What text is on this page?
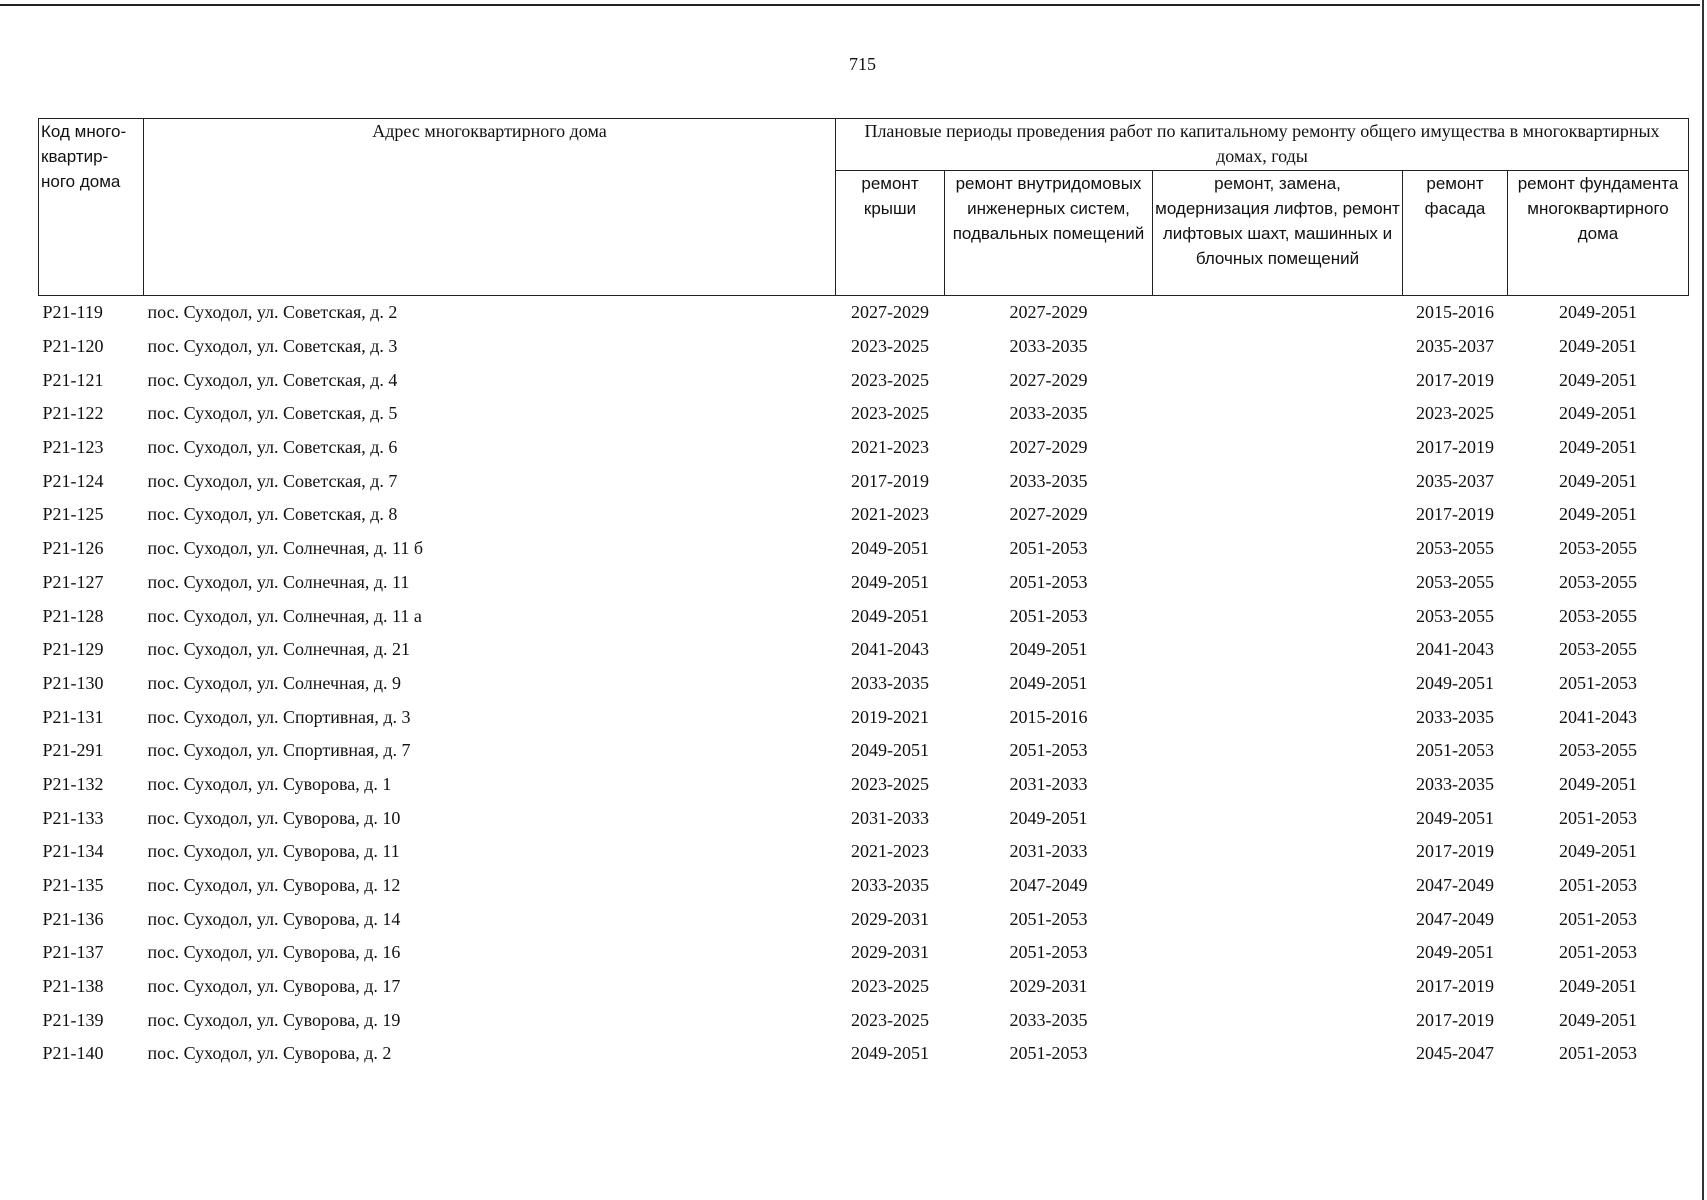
715
Код много-квартир-ного дома	Адрес многоквартирного дома	Плановые периоды проведения работ по капитальному ремонту общего имущества в многоквартирных домах, годы				
		ремонт крыши	ремонт внутридомовых инженерных систем, подвальных помещений	ремонт, замена, модернизация лифтов, ремонт лифтовых шахт, машинных и блочных помещений	ремонт фасада	ремонт фундамента многоквартирного дома
Р21-119	пос. Суходол, ул. Советская, д. 2	2027-2029	2027-2029		2015-2016	2049-2051
Р21-120	пос. Суходол, ул. Советская, д. 3	2023-2025	2033-2035		2035-2037	2049-2051
Р21-121	пос. Суходол, ул. Советская, д. 4	2023-2025	2027-2029		2017-2019	2049-2051
Р21-122	пос. Суходол, ул. Советская, д. 5	2023-2025	2033-2035		2023-2025	2049-2051
Р21-123	пос. Суходол, ул. Советская, д. 6	2021-2023	2027-2029		2017-2019	2049-2051
Р21-124	пос. Суходол, ул. Советская, д. 7	2017-2019	2033-2035		2035-2037	2049-2051
Р21-125	пос. Суходол, ул. Советская, д. 8	2021-2023	2027-2029		2017-2019	2049-2051
Р21-126	пос. Суходол, ул. Солнечная, д. 11 б	2049-2051	2051-2053		2053-2055	2053-2055
Р21-127	пос. Суходол, ул. Солнечная, д. 11	2049-2051	2051-2053		2053-2055	2053-2055
Р21-128	пос. Суходол, ул. Солнечная, д. 11 а	2049-2051	2051-2053		2053-2055	2053-2055
Р21-129	пос. Суходол, ул. Солнечная, д. 21	2041-2043	2049-2051		2041-2043	2053-2055
Р21-130	пос. Суходол, ул. Солнечная, д. 9	2033-2035	2049-2051		2049-2051	2051-2053
Р21-131	пос. Суходол, ул. Спортивная, д. 3	2019-2021	2015-2016		2033-2035	2041-2043
Р21-291	пос. Суходол, ул. Спортивная, д. 7	2049-2051	2051-2053		2051-2053	2053-2055
Р21-132	пос. Суходол, ул. Суворова, д. 1	2023-2025	2031-2033		2033-2035	2049-2051
Р21-133	пос. Суходол, ул. Суворова, д. 10	2031-2033	2049-2051		2049-2051	2051-2053
Р21-134	пос. Суходол, ул. Суворова, д. 11	2021-2023	2031-2033		2017-2019	2049-2051
Р21-135	пос. Суходол, ул. Суворова, д. 12	2033-2035	2047-2049		2047-2049	2051-2053
Р21-136	пос. Суходол, ул. Суворова, д. 14	2029-2031	2051-2053		2047-2049	2051-2053
Р21-137	пос. Суходол, ул. Суворова, д. 16	2029-2031	2051-2053		2049-2051	2051-2053
Р21-138	пос. Суходол, ул. Суворова, д. 17	2023-2025	2029-2031		2017-2019	2049-2051
Р21-139	пос. Суходол, ул. Суворова, д. 19	2023-2025	2033-2035		2017-2019	2049-2051
Р21-140	пос. Суходол, ул. Суворова, д. 2	2049-2051	2051-2053		2045-2047	2051-2053
